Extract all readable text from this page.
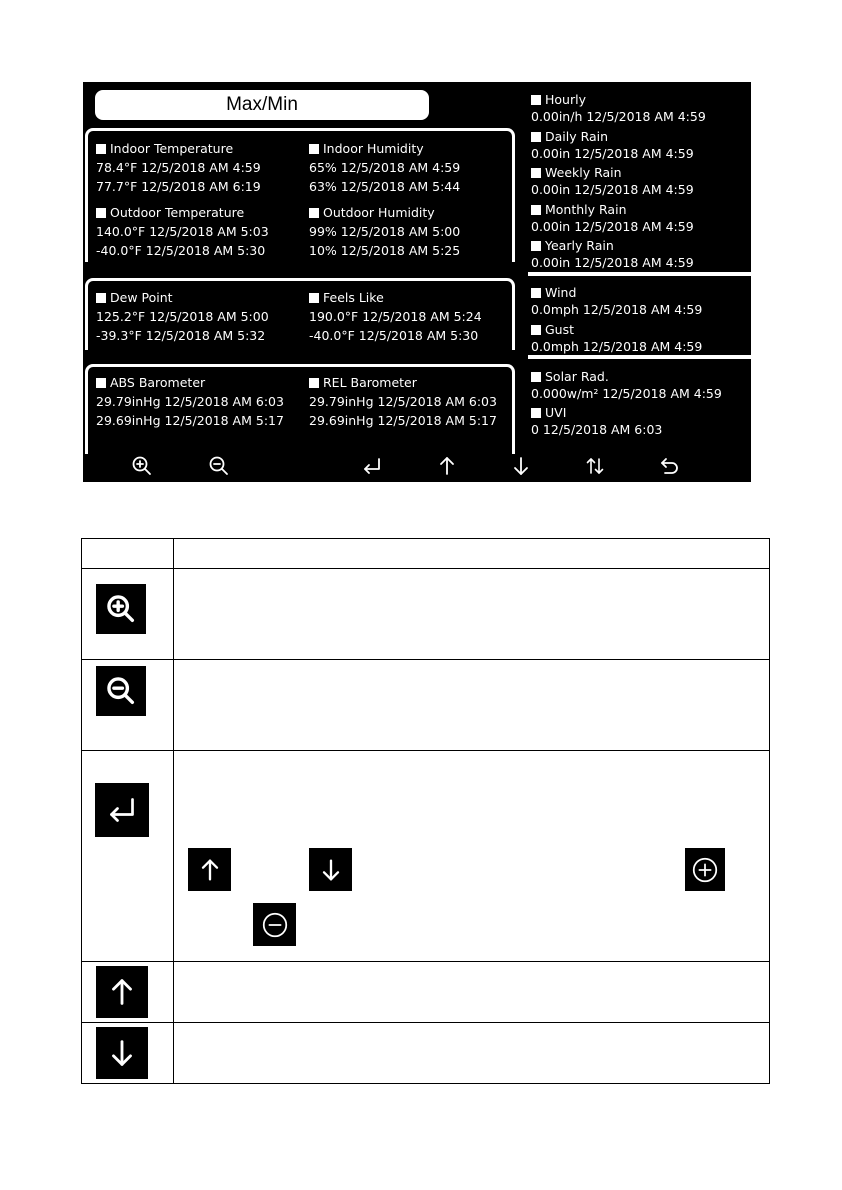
Max/Min
Indoor Temperature
78.4°F 12/5/2018 AM 4:59
77.7°F 12/5/2018 AM 6:19
Indoor Humidity
65% 12/5/2018 AM 4:59
63% 12/5/2018 AM 5:44
Outdoor Temperature
140.0°F 12/5/2018 AM 5:03
-40.0°F 12/5/2018 AM 5:30
Outdoor Humidity
99% 12/5/2018 AM 5:00
10% 12/5/2018 AM 5:25
Dew Point
125.2°F 12/5/2018 AM 5:00
-39.3°F 12/5/2018 AM 5:32
Feels Like
190.0°F 12/5/2018 AM 5:24
-40.0°F 12/5/2018 AM 5:30
ABS Barometer
29.79inHg 12/5/2018 AM 6:03
29.69inHg 12/5/2018 AM 5:17
REL Barometer
29.79inHg 12/5/2018 AM 6:03
29.69inHg 12/5/2018 AM 5:17
Hourly
0.00in/h 12/5/2018 AM 4:59
Daily Rain
0.00in 12/5/2018 AM 4:59
Weekly Rain
0.00in 12/5/2018 AM 4:59
Monthly Rain
0.00in 12/5/2018 AM 4:59
Yearly Rain
0.00in 12/5/2018 AM 4:59
Wind
0.0mph 12/5/2018 AM 4:59
Gust
0.0mph 12/5/2018 AM 4:59
Solar Rad.
0.000w/m² 12/5/2018 AM 4:59
UVI
0 12/5/2018 AM 6:03
